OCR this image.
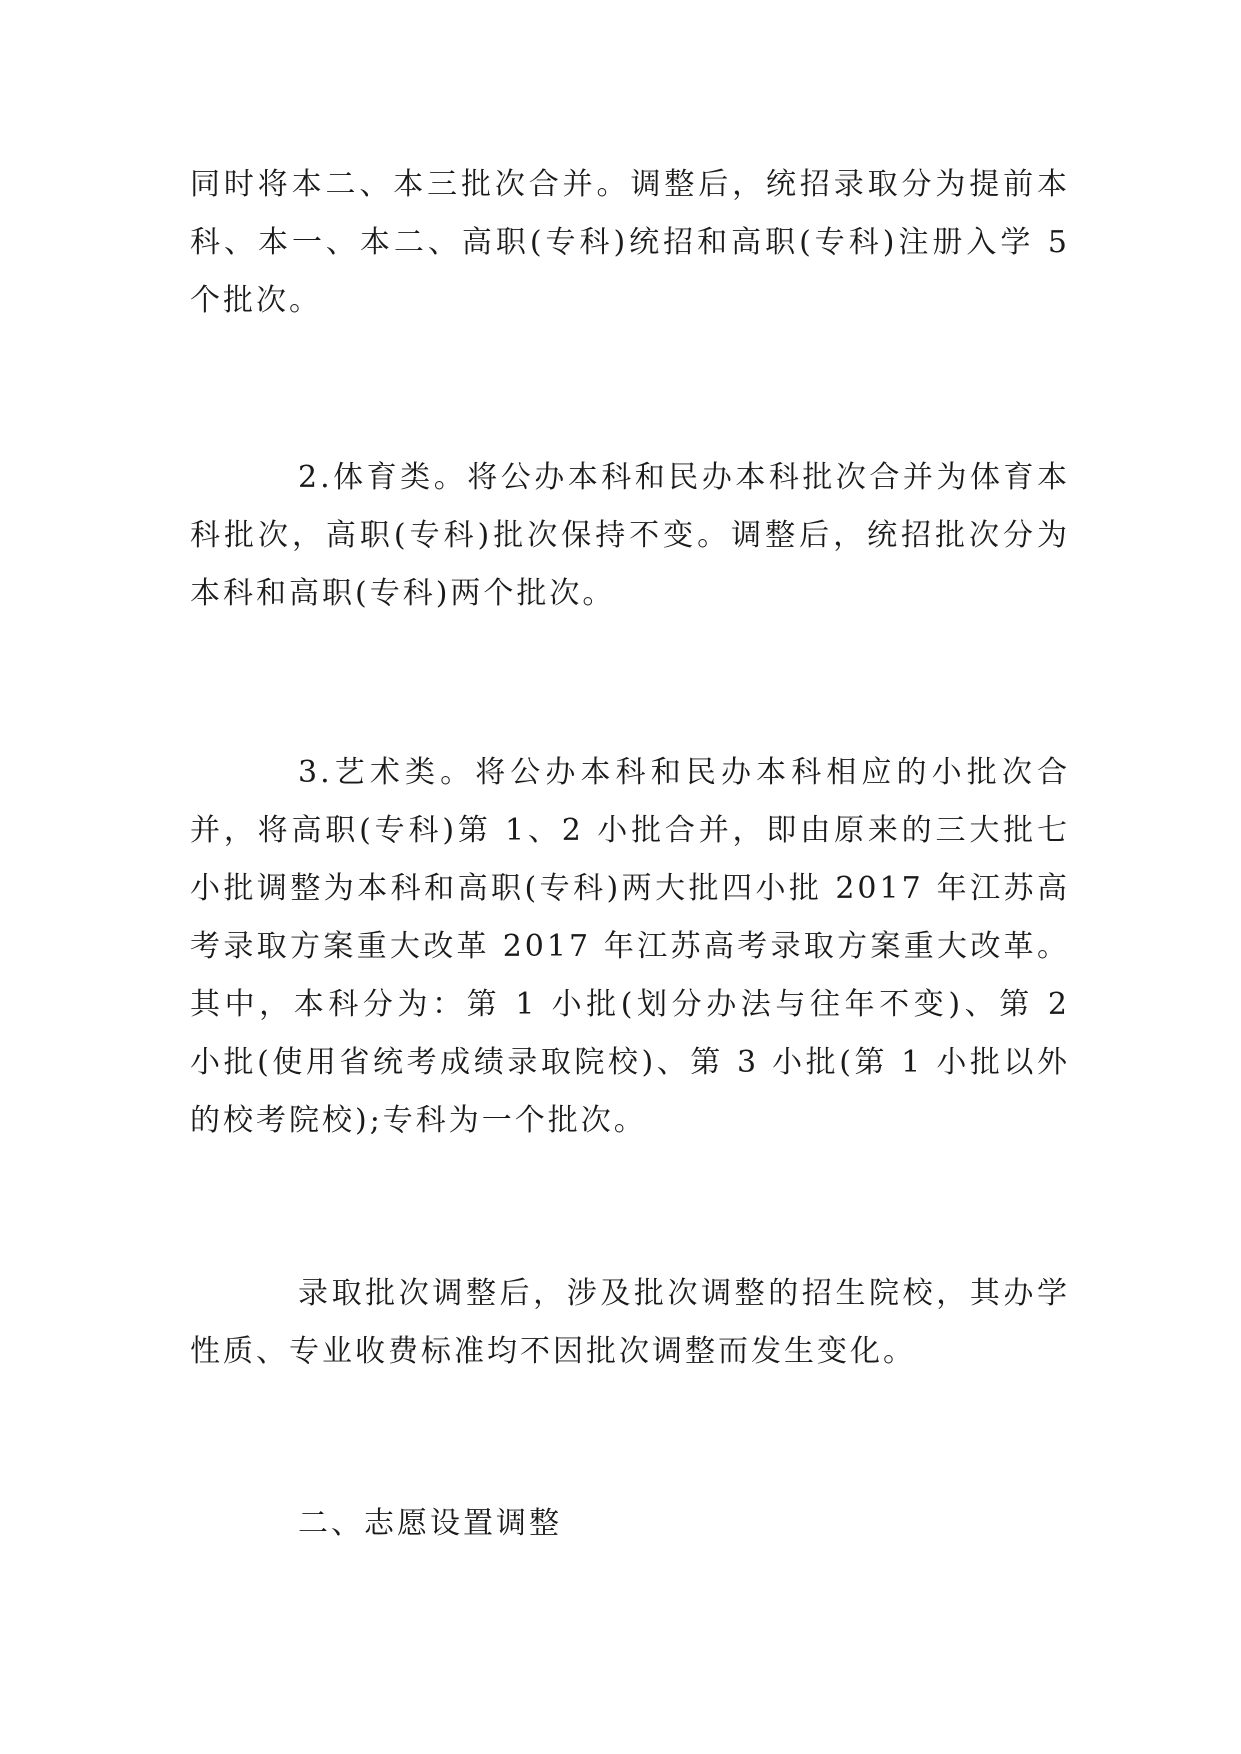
同时将本二、本三批次合并。调整后，统招录取分为提前本科、本一、本二、高职(专科)统招和高职(专科)注册入学 5 个批次。

2.体育类。将公办本科和民办本科批次合并为体育本科批次，高职(专科)批次保持不变。调整后，统招批次分为本科和高职(专科)两个批次。

3.艺术类。将公办本科和民办本科相应的小批次合并，将高职(专科)第 1、2 小批合并，即由原来的三大批七小批调整为本科和高职(专科)两大批四小批 2017 年江苏高考录取方案重大改革 2017 年江苏高考录取方案重大改革。其中，本科分为：第 1 小批(划分办法与往年不变)、第 2 小批(使用省统考成绩录取院校)、第 3 小批(第 1 小批以外的校考院校);专科为一个批次。

录取批次调整后，涉及批次调整的招生院校，其办学性质、专业收费标准均不因批次调整而发生变化。

二、志愿设置调整
